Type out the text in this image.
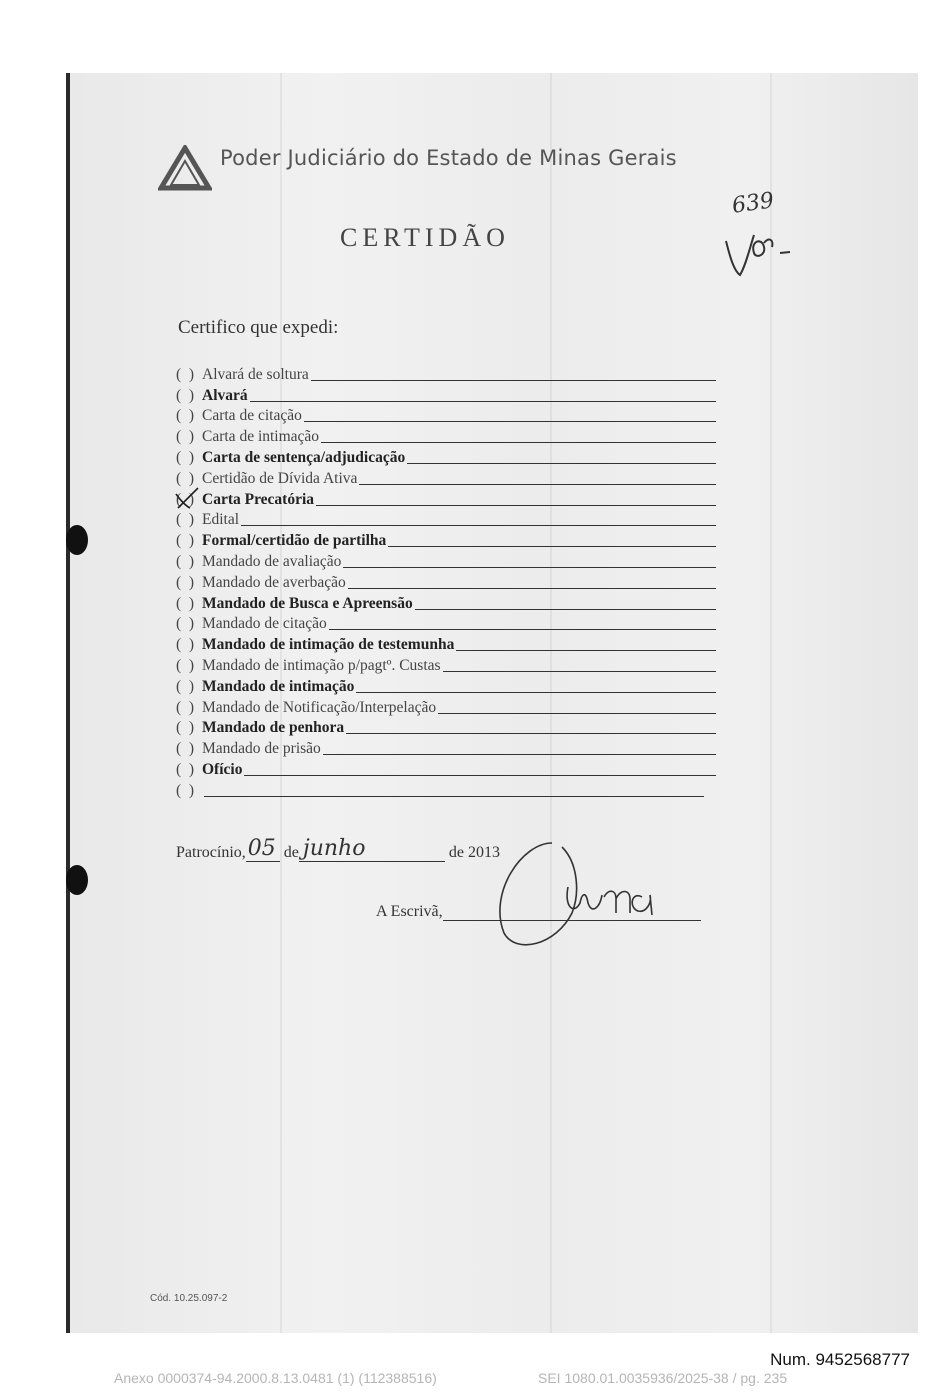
Poder Judiciário do Estado de Minas Gerais
CERTIDÃO
639
Certifico que expedi:
( ) Alvará de soltura
( ) Alvará
( ) Carta de citação
( ) Carta de intimação
( ) Carta de sentença/adjudicação
( ) Certidão de Dívida Ativa
( ) Carta Precatória
( ) Edital
( ) Formal/certidão de partilha
( ) Mandado de avaliação
( ) Mandado de averbação
( ) Mandado de Busca e Apreensão
( ) Mandado de citação
( ) Mandado de intimação de testemunha
( ) Mandado de intimação p/pagtº. Custas
( ) Mandado de intimação
( ) Mandado de Notificação/Interpelação
( ) Mandado de penhora
( ) Mandado de prisão
( ) Ofício
( )
Patrocínio, 05 de junho	de 2013
A Escrivã,
Cód. 10.25.097-2
Num. 9452568777
Anexo 0000374-94.2000.8.13.0481 (1) (112388516)	SEI 1080.01.0035936/2025-38 / pg. 235
